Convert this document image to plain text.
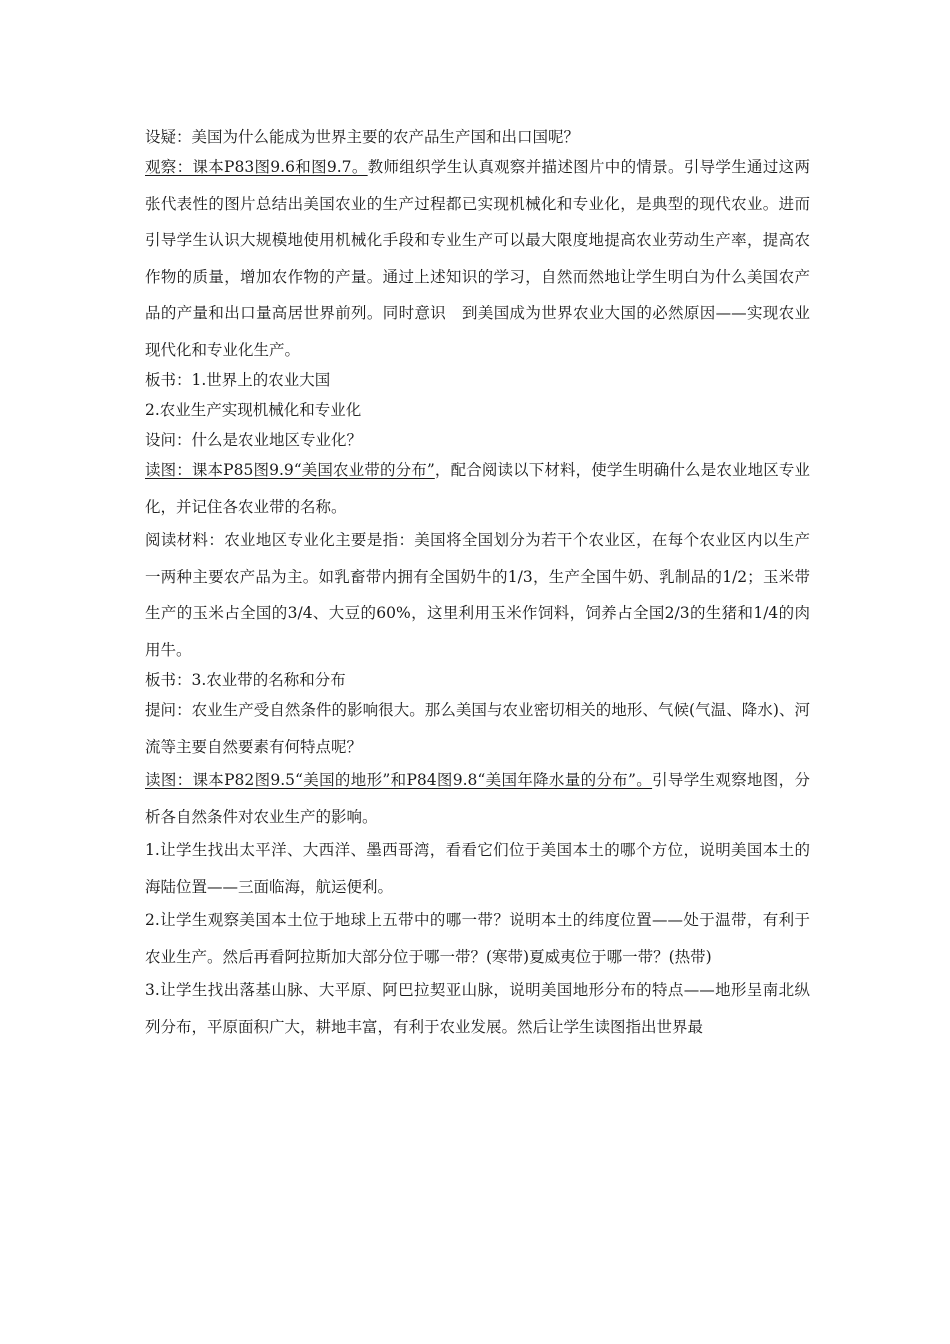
设疑：美国为什么能成为世界主要的农产品生产国和出口国呢？

观察：课本P83图9.6和图9.7。教师组织学生认真观察并描述图片中的情景。引导学生通过这两张代表性的图片总结出美国农业的生产过程都已实现机械化和专业化，是典型的现代农业。进而引导学生认识大规模地使用机械化手段和专业生产可以最大限度地提高农业劳动生产率，提高农作物的质量，增加农作物的产量。通过上述知识的学习，自然而然地让学生明白为什么美国农产品的产量和出口量高居世界前列。同时意识　到美国成为世界农业大国的必然原因——实现农业现代化和专业化生产。

板书：1.世界上的农业大国

2.农业生产实现机械化和专业化

设问：什么是农业地区专业化？

读图：课本P85图9.9“美国农业带的分布”，配合阅读以下材料，使学生明确什么是农业地区专业化，并记住各农业带的名称。

阅读材料：农业地区专业化主要是指：美国将全国划分为若干个农业区，在每个农业区内以生产一两种主要农产品为主。如乳畜带内拥有全国奶牛的1/3，生产全国牛奶、乳制品的1/2；玉米带生产的玉米占全国的3/4、大豆的60%，这里利用玉米作饲料，饲养占全国2/3的生猪和1/4的肉用牛。

板书：3.农业带的名称和分布

提问：农业生产受自然条件的影响很大。那么美国与农业密切相关的地形、气候(气温、降水)、河流等主要自然要素有何特点呢？

读图：课本P82图9.5“美国的地形”和P84图9.8“美国年降水量的分布”。引导学生观察地图，分析各自然条件对农业生产的影响。

1.让学生找出太平洋、大西洋、墨西哥湾，看看它们位于美国本土的哪个方位，说明美国本土的海陆位置——三面临海，航运便利。

2.让学生观察美国本土位于地球上五带中的哪一带？说明本土的纬度位置——处于温带，有利于农业生产。然后再看阿拉斯加大部分位于哪一带？(寒带)夏威夷位于哪一带？(热带)

3.让学生找出落基山脉、大平原、阿巴拉契亚山脉，说明美国地形分布的特点——地形呈南北纵列分布，平原面积广大，耕地丰富，有利于农业发展。然后让学生读图指出世界最
